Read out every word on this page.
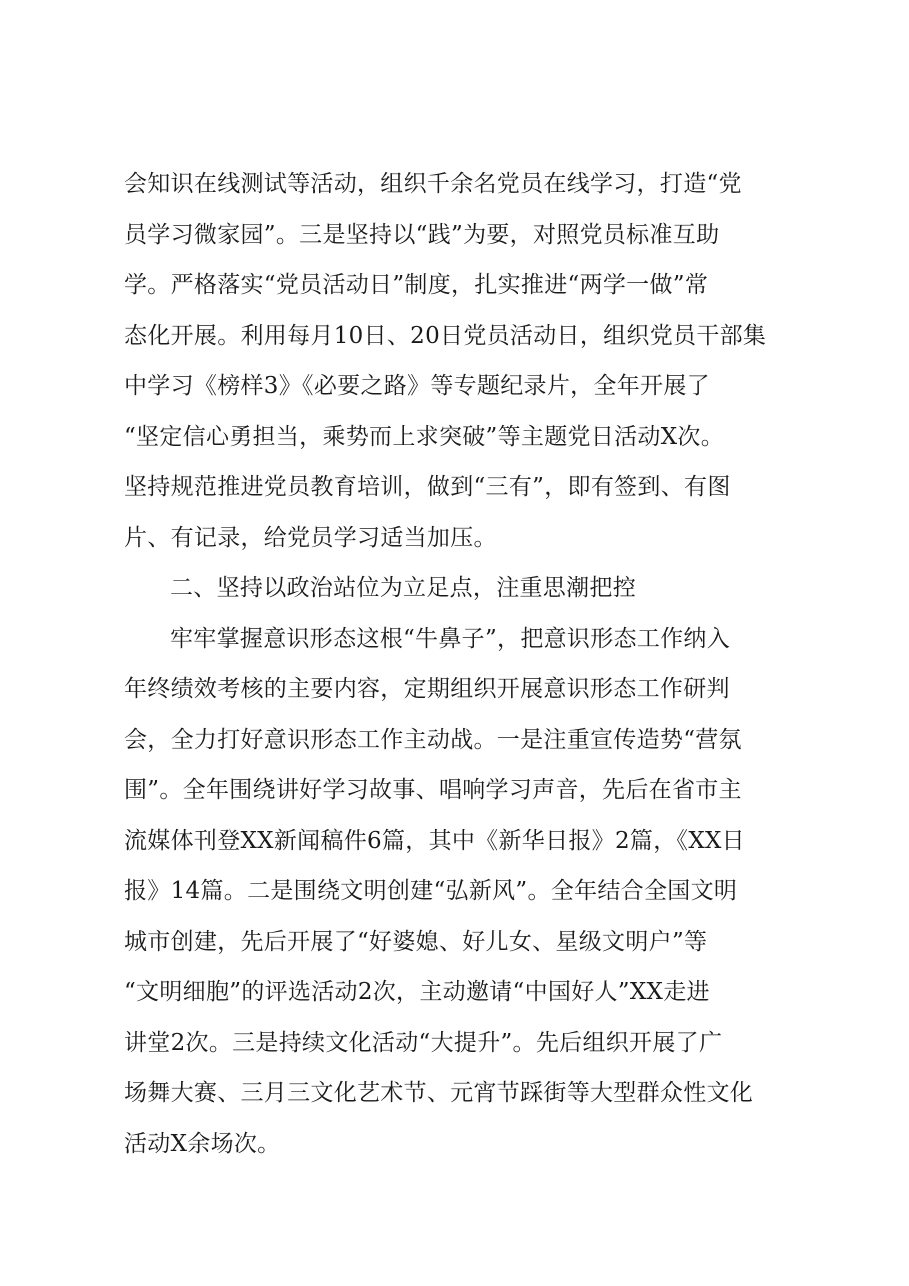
会知识在线测试等活动，组织千余名党员在线学习，打造“党
员学习微家园”。三是坚持以“践”为要，对照党员标准互助
学。严格落实“党员活动日”制度，扎实推进“两学一做”常
态化开展。利用每月10日、20日党员活动日，组织党员干部集
中学习《榜样3》《必要之路》等专题纪录片，全年开展了
“坚定信心勇担当，乘势而上求突破”等主题党日活动X次。
坚持规范推进党员教育培训，做到“三有”，即有签到、有图
片、有记录，给党员学习适当加压。
二、坚持以政治站位为立足点，注重思潮把控
牢牢掌握意识形态这根“牛鼻子”，把意识形态工作纳入
年终绩效考核的主要内容，定期组织开展意识形态工作研判
会，全力打好意识形态工作主动战。一是注重宣传造势“营氛
围”。全年围绕讲好学习故事、唱响学习声音，先后在省市主
流媒体刊登XX新闻稿件6篇，其中《新华日报》2篇，《XX日
报》14篇。二是围绕文明创建“弘新风”。全年结合全国文明
城市创建，先后开展了“好婆媳、好儿女、星级文明户”等
“文明细胞”的评选活动2次，主动邀请“中国好人”XX走进
讲堂2次。三是持续文化活动“大提升”。先后组织开展了广
场舞大赛、三月三文化艺术节、元宵节踩街等大型群众性文化
活动X余场次。
